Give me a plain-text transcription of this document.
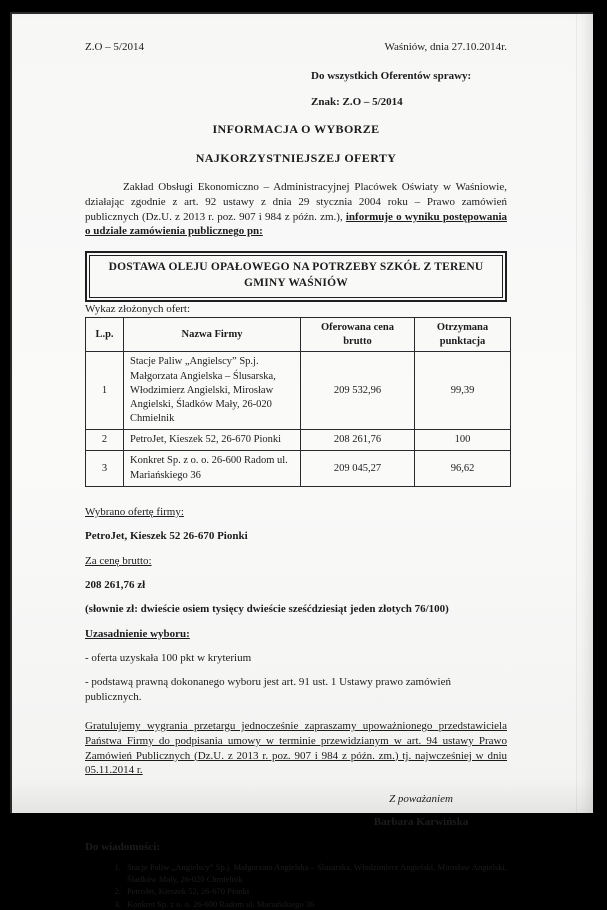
Z.O – 5/2014	Waśniów, dnia 27.10.2014r.
Do wszystkich Oferentów sprawy:
Znak: Z.O – 5/2014
INFORMACJA O WYBORZE
NAJKORZYSTNIEJSZEJ OFERTY

Zakład Obsługi Ekonomiczno – Administracyjnej Placówek Oświaty w Waśniowie, działając zgodnie z art. 92 ustawy z dnia 29 stycznia 2004 roku – Prawo zamówień publicznych (Dz.U. z 2013 r. poz. 907 i 984 z późn. zm.), informuje o wyniku postępowania o udziale zamówienia publicznego pn:

DOSTAWA OLEJU OPAŁOWEGO NA POTRZEBY SZKÓŁ Z TERENU GMINY WAŚNIÓW

Wykaz złożonych ofert:

L.p.	Nazwa Firmy	Oferowana cena brutto	Otrzymana punktacja
1	Stacje Paliw „Angielscy” Sp.j. Małgorzata Angielska – Ślusarska, Włodzimierz Angielski, Mirosław Angielski, Śladków Mały, 26-020 Chmielnik	209 532,96	99,39
2	PetroJet, Kieszek 52, 26-670 Pionki	208 261,76	100
3	Konkret Sp. z o. o. 26-600 Radom ul. Mariańskiego 36	209 045,27	96,62

Wybrano ofertę firmy:

PetroJet, Kieszek 52 26-670 Pionki

Za cenę brutto:

208 261,76 zł

(słownie zł: dwieście osiem tysięcy dwieście sześćdziesiąt jeden złotych 76/100)

Uzasadnienie wyboru:

- oferta uzyskała 100 pkt w kryterium

- podstawą prawną dokonanego wyboru jest art. 91 ust. 1 Ustawy prawo zamówień publicznych.

Gratulujemy wygrania przetargu jednocześnie zapraszamy upoważnionego przedstawiciela Państwa Firmy do podpisania umowy w terminie przewidzianym w art. 94 ustawy Prawo Zamówień Publicznych (Dz.U. z 2013 r. poz. 907 i 984 z późn. zm.) tj. najwcześniej w dniu 05.11.2014 r.

Z poważaniem

Barbara Karwińska

Do wiadomości:

1. Stacje Paliw „Angielscy” Sp.j. Małgorzata Angielska – Ślusarska, Włodzimierz Angielski, Mirosław Angielski, Śladków Mały, 26-020 Chmielnik
2. PetroJet, Kieszek 52, 26-670 Pionki
3. Konkret Sp. z o. o. 26-600 Radom ul. Mariańskiego 36
